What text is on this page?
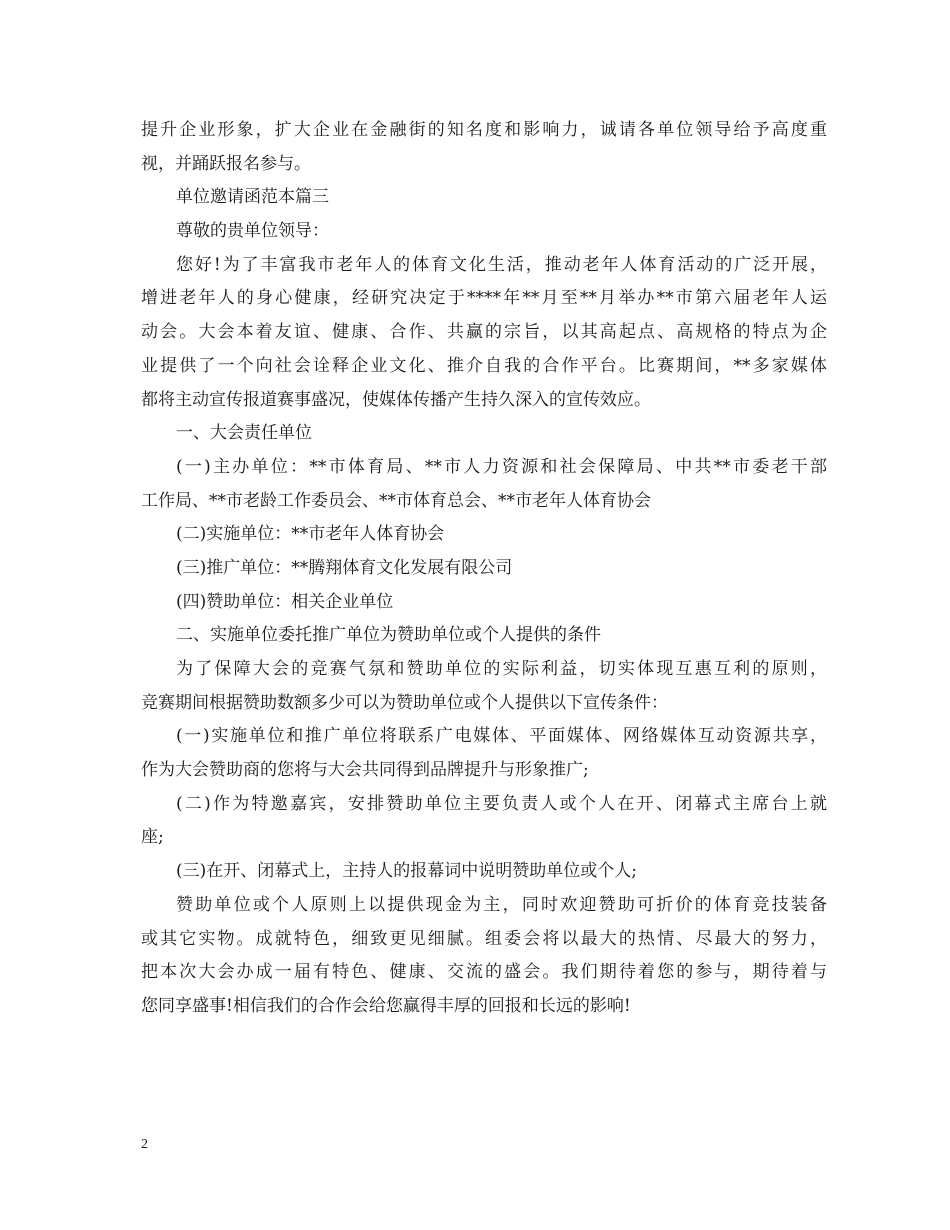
提升企业形象，扩大企业在金融街的知名度和影响力，诚请各单位领导给予高度重
视，并踊跃报名参与。
单位邀请函范本篇三
尊敬的贵单位领导：
您好!为了丰富我市老年人的体育文化生活，推动老年人体育活动的广泛开展，
增进老年人的身心健康，经研究决定于****年**月至**月举办**市第六届老年人运
动会。大会本着友谊、健康、合作、共赢的宗旨，以其高起点、高规格的特点为企
业提供了一个向社会诠释企业文化、推介自我的合作平台。比赛期间，**多家媒体
都将主动宣传报道赛事盛况，使媒体传播产生持久深入的宣传效应。
一、大会责任单位
(一)主办单位：**市体育局、**市人力资源和社会保障局、中共**市委老干部
工作局、**市老龄工作委员会、**市体育总会、**市老年人体育协会
(二)实施单位：**市老年人体育协会
(三)推广单位：**腾翔体育文化发展有限公司
(四)赞助单位：相关企业单位
二、实施单位委托推广单位为赞助单位或个人提供的条件
为了保障大会的竞赛气氛和赞助单位的实际利益，切实体现互惠互利的原则，
竞赛期间根据赞助数额多少可以为赞助单位或个人提供以下宣传条件：
(一)实施单位和推广单位将联系广电媒体、平面媒体、网络媒体互动资源共享，
作为大会赞助商的您将与大会共同得到品牌提升与形象推广;
(二)作为特邀嘉宾，安排赞助单位主要负责人或个人在开、闭幕式主席台上就
座;
(三)在开、闭幕式上，主持人的报幕词中说明赞助单位或个人;
赞助单位或个人原则上以提供现金为主，同时欢迎赞助可折价的体育竞技装备
或其它实物。成就特色，细致更见细腻。组委会将以最大的热情、尽最大的努力，
把本次大会办成一届有特色、健康、交流的盛会。我们期待着您的参与，期待着与
您同享盛事!相信我们的合作会给您赢得丰厚的回报和长远的影响!
2
